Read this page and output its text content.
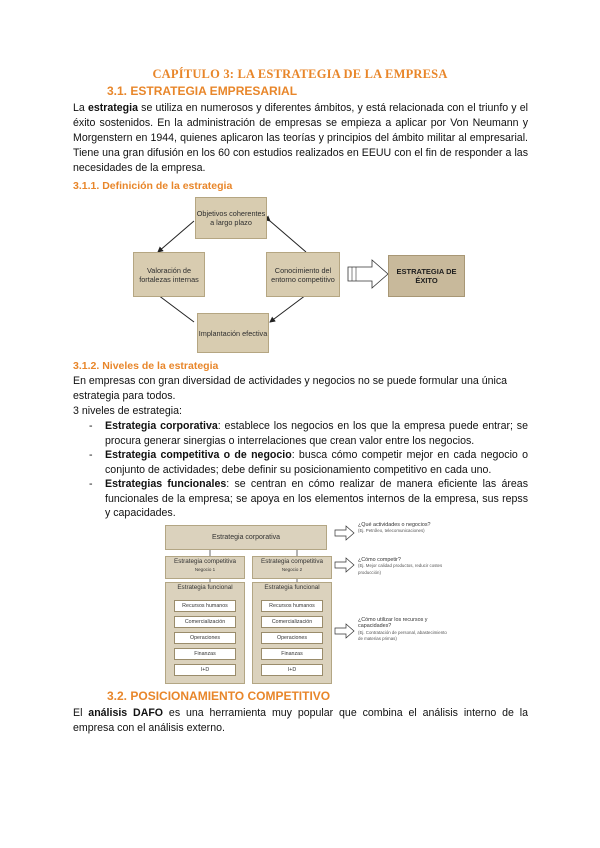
CAPÍTULO 3: LA ESTRATEGIA DE LA EMPRESA
3.1. ESTRATEGIA EMPRESARIAL
La estrategia se utiliza en numerosos y diferentes ámbitos, y está relacionada con el triunfo y el éxito sostenidos. En la administración de empresas se empieza a aplicar por Von Neumann y Morgenstern en 1944, quienes aplicaron las teorías y principios del ámbito militar al empresarial. Tiene una gran difusión en los 60 con estudios realizados en EEUU con el fin de responder a las necesidades de la empresa.
3.1.1. Definición de la estrategia
Objetivos coherentes a largo plazo
Valoración de fortalezas internas
Conocimiento del entorno competitivo
Implantación efectiva
ESTRATEGIA DE ÉXITO
3.1.2. Niveles de la estrategia
En empresas con gran diversidad de actividades y negocios no se puede formular una única estrategia para todos.
3 niveles de estrategia:
- Estrategia corporativa: establece los negocios en los que la empresa puede entrar; se procura generar sinergias o interrelaciones que crean valor entre los negocios.
- Estrategia competitiva o de negocio: busca cómo competir mejor en cada negocio o conjunto de actividades; debe definir su posicionamiento competitivo en cada uno.
- Estrategias funcionales: se centran en cómo realizar de manera eficiente las áreas funcionales de la empresa; se apoya en los elementos internos de la empresa, sus repss y capacidades.
Estrategia corporativa
Estrategia competitiva
Negocio 1
Estrategia competitiva
Negocio 2
Estrategia funcional	Estrategia funcional
Recursos humanos
Comercialización
Operaciones
Finanzas
I+D
Recursos humanos
Comercialización
Operaciones
Finanzas
I+D
¿Qué actividades o negocios?
(Ej. Petróleo, telecomunicaciones)
¿Cómo competir?
(Ej. Mejor calidad productos, reducir costes producción)
¿Cómo utilizar los recursos y capacidades?
(Ej. Contratación de personal, abastecimiento de materias primas)
3.2. POSICIONAMIENTO COMPETITIVO
El análisis DAFO es una herramienta muy popular que combina el análisis interno de la empresa con el análisis externo.
